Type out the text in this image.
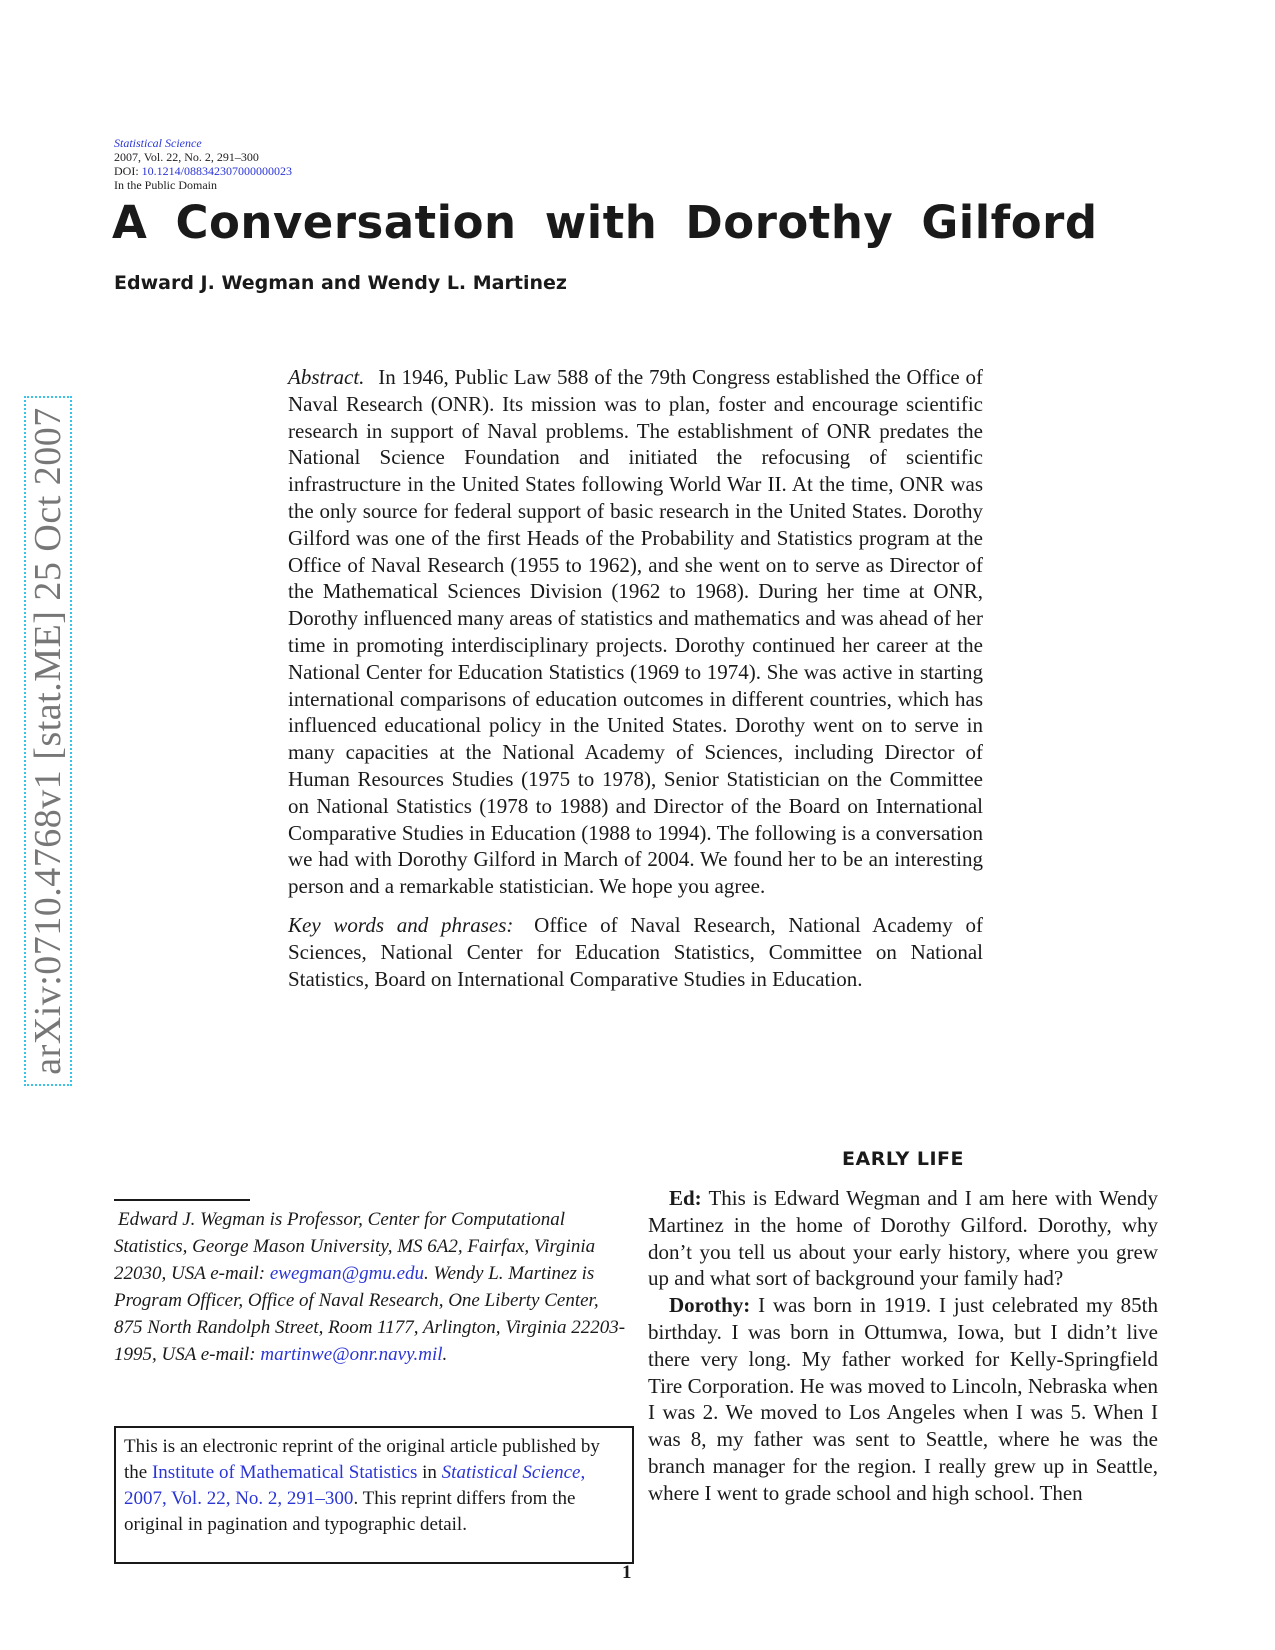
Statistical Science
2007, Vol. 22, No. 2, 291–300
DOI: 10.1214/088342307000000023
In the Public Domain
A Conversation with Dorothy Gilford
Edward J. Wegman and Wendy L. Martinez
arXiv:0710.4768v1 [stat.ME] 25 Oct 2007

Abstract. In 1946, Public Law 588 of the 79th Congress established the Office of Naval Research (ONR). Its mission was to plan, foster and encourage scientific research in support of Naval problems. The establishment of ONR predates the National Science Foundation and initiated the refocusing of scientific infrastructure in the United States following World War II. At the time, ONR was the only source for federal support of basic research in the United States. Dorothy Gilford was one of the first Heads of the Probability and Statistics program at the Office of Naval Research (1955 to 1962), and she went on to serve as Director of the Mathematical Sciences Division (1962 to 1968). During her time at ONR, Dorothy influenced many areas of statistics and mathematics and was ahead of her time in promoting interdisciplinary projects. Dorothy continued her career at the National Center for Education Statistics (1969 to 1974). She was active in starting international comparisons of education outcomes in different countries, which has influenced educational policy in the United States. Dorothy went on to serve in many capacities at the National Academy of Sciences, including Director of Human Resources Studies (1975 to 1978), Senior Statistician on the Committee on National Statistics (1978 to 1988) and Director of the Board on International Comparative Studies in Education (1988 to 1994). The following is a conversation we had with Dorothy Gilford in March of 2004. We found her to be an interesting person and a remarkable statistician. We hope you agree.

Key words and phrases: Office of Naval Research, National Academy of Sciences, National Center for Education Statistics, Committee on National Statistics, Board on International Comparative Studies in Education.

EARLY LIFE

Ed: This is Edward Wegman and I am here with Wendy Martinez in the home of Dorothy Gilford. Dorothy, why don’t you tell us about your early history, where you grew up and what sort of background your family had?

Dorothy: I was born in 1919. I just celebrated my 85th birthday. I was born in Ottumwa, Iowa, but I didn’t live there very long. My father worked for Kelly-Springfield Tire Corporation. He was moved to Lincoln, Nebraska when I was 2. We moved to Los Angeles when I was 5. When I was 8, my father was sent to Seattle, where he was the branch manager for the region. I really grew up in Seattle, where I went to grade school and high school. Then

Edward J. Wegman is Professor, Center for Computational Statistics, George Mason University, MS 6A2, Fairfax, Virginia 22030, USA e-mail: ewegman@gmu.edu. Wendy L. Martinez is Program Officer, Office of Naval Research, One Liberty Center, 875 North Randolph Street, Room 1177, Arlington, Virginia 22203-1995, USA e-mail: martinwe@onr.navy.mil.

This is an electronic reprint of the original article published by the Institute of Mathematical Statistics in Statistical Science, 2007, Vol. 22, No. 2, 291–300. This reprint differs from the original in pagination and typographic detail.
1
